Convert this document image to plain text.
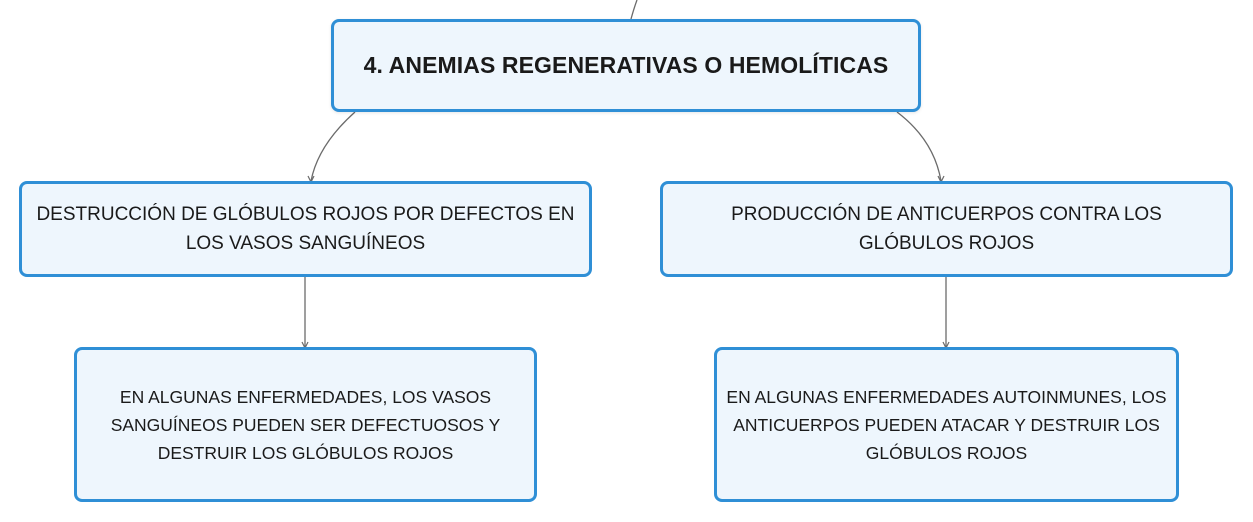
4. ANEMIAS REGENERATIVAS O HEMOLÍTICAS
DESTRUCCIÓN DE GLÓBULOS ROJOS POR DEFECTOS EN LOS VASOS SANGUÍNEOS
PRODUCCIÓN DE ANTICUERPOS CONTRA LOS GLÓBULOS ROJOS
EN ALGUNAS ENFERMEDADES, LOS VASOS SANGUÍNEOS PUEDEN SER DEFECTUOSOS Y DESTRUIR LOS GLÓBULOS ROJOS
EN ALGUNAS ENFERMEDADES AUTOINMUNES, LOS ANTICUERPOS PUEDEN ATACAR Y DESTRUIR LOS GLÓBULOS ROJOS
